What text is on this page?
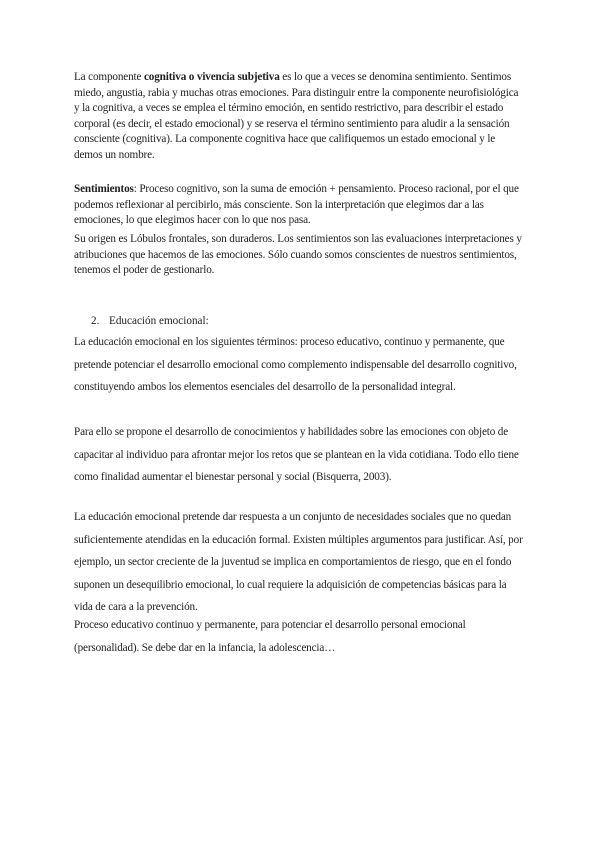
La componente cognitiva o vivencia subjetiva es lo que a veces se denomina sentimiento. Sentimos miedo, angustia, rabia y muchas otras emociones. Para distinguir entre la componente neurofisiológica y la cognitiva, a veces se emplea el término emoción, en sentido restrictivo, para describir el estado corporal (es decir, el estado emocional) y se reserva el término sentimiento para aludir a la sensación consciente (cognitiva). La componente cognitiva hace que califiquemos un estado emocional y le demos un nombre.

Sentimientos: Proceso cognitivo, son la suma de emoción + pensamiento. Proceso racional, por el que podemos reflexionar al percibirlo, más consciente. Son la interpretación que elegimos dar a las emociones, lo que elegimos hacer con lo que nos pasa.

Su origen es Lóbulos frontales, son duraderos. Los sentimientos son las evaluaciones interpretaciones y atribuciones que hacemos de las emociones. Sólo cuando somos conscientes de nuestros sentimientos, tenemos el poder de gestionarlo.

2. Educación emocional:

La educación emocional en los siguientes términos: proceso educativo, continuo y permanente, que pretende potenciar el desarrollo emocional como complemento indispensable del desarrollo cognitivo, constituyendo ambos los elementos esenciales del desarrollo de la personalidad integral.

Para ello se propone el desarrollo de conocimientos y habilidades sobre las emociones con objeto de capacitar al individuo para afrontar mejor los retos que se plantean en la vida cotidiana. Todo ello tiene como finalidad aumentar el bienestar personal y social (Bisquerra, 2003).

La educación emocional pretende dar respuesta a un conjunto de necesidades sociales que no quedan suficientemente atendidas en la educación formal. Existen múltiples argumentos para justificar. Así, por ejemplo, un sector creciente de la juventud se implica en comportamientos de riesgo, que en el fondo suponen un desequilibrio emocional, lo cual requiere la adquisición de competencias básicas para la vida de cara a la prevención.

Proceso educativo continuo y permanente, para potenciar el desarrollo personal emocional (personalidad). Se debe dar en la infancia, la adolescencia…
